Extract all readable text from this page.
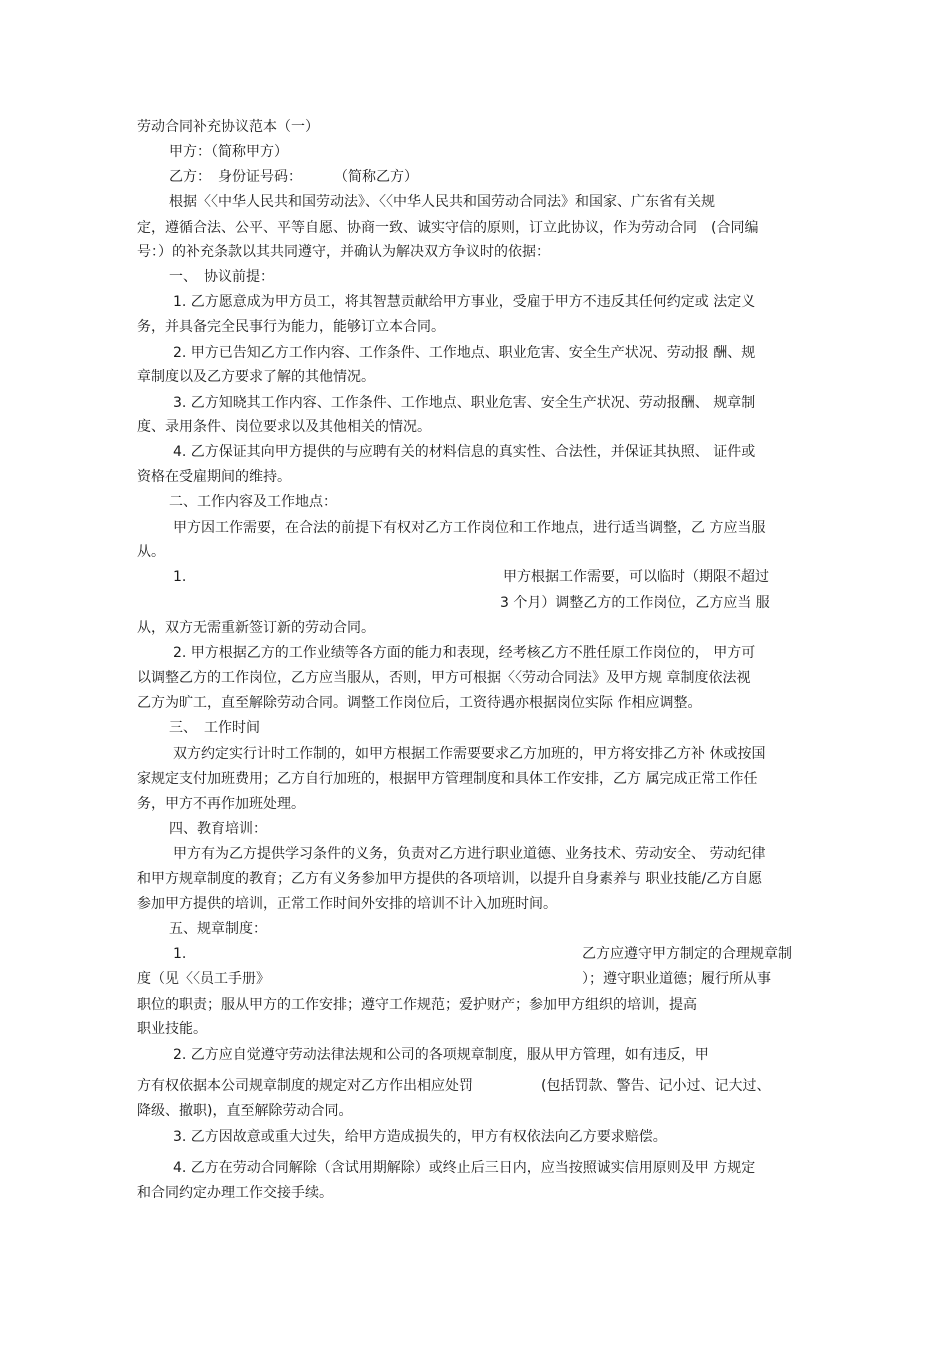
劳动合同补充协议范本（一）
甲方：（简称甲方）
乙方：　身份证号码： （简称乙方）
根据〈〈中华人民共和国劳动法》、〈〈中华人民共和国劳动合同法》和国家、广东省有关规
定，遵循合法、公平、平等自愿、协商一致、诚实守信的原则，订立此协议，作为劳动合同　(合同编
号：）的补充条款以其共同遵守，并确认为解决双方争议时的依据：
一、　协议前提：
1. 乙方愿意成为甲方员工，将其智慧贡献给甲方事业，受雇于甲方不违反其任何约定或 法定义
务，并具备完全民事行为能力，能够订立本合同。
2. 甲方已告知乙方工作内容、工作条件、工作地点、职业危害、安全生产状况、劳动报 酬、规
章制度以及乙方要求了解的其他情况。
3. 乙方知晓其工作内容、工作条件、工作地点、职业危害、安全生产状况、劳动报酬、 规章制
度、录用条件、岗位要求以及其他相关的情况。
4. 乙方保证其向甲方提供的与应聘有关的材料信息的真实性、合法性，并保证其执照、 证件或
资格在受雇期间的维持。
二、工作内容及工作地点：
甲方因工作需要，在合法的前提下有权对乙方工作岗位和工作地点，进行适当调整，乙 方应当服
从。
1.	甲方根据工作需要，可以临时（期限不超过
3 个月）调整乙方的工作岗位，乙方应当 服
从，双方无需重新签订新的劳动合同。
2. 甲方根据乙方的工作业绩等各方面的能力和表现，经考核乙方不胜任原工作岗位的， 甲方可
以调整乙方的工作岗位，乙方应当服从，否则，甲方可根据〈〈劳动合同法》及甲方规 章制度依法视
乙方为旷工，直至解除劳动合同。调整工作岗位后，工资待遇亦根据岗位实际 作相应调整。
三、　工作时间
双方约定实行计时工作制的，如甲方根据工作需要要求乙方加班的，甲方将安排乙方补 休或按国
家规定支付加班费用；乙方自行加班的，根据甲方管理制度和具体工作安排，乙方 属完成正常工作任
务，甲方不再作加班处理。
四、教育培训：
甲方有为乙方提供学习条件的义务，负责对乙方进行职业道德、业务技术、劳动安全、 劳动纪律
和甲方规章制度的教育；乙方有义务参加甲方提供的各项培训，以提升自身素养与 职业技能/乙方自愿
参加甲方提供的培训，正常工作时间外安排的培训不计入加班时间。
五、规章制度：
1.	乙方应遵守甲方制定的合理规章制
度（见〈〈员工手册》	）；遵守职业道德；履行所从事
职位的职责；服从甲方的工作安排；遵守工作规范；爱护财产；参加甲方组织的培训，提高
职业技能。
2. 乙方应自觉遵守劳动法律法规和公司的各项规章制度，服从甲方管理，如有违反，甲
方有权依据本公司规章制度的规定对乙方作出相应处罚	(包括罚款、警告、记小过、记大过、
降级、撤职)，直至解除劳动合同。
3. 乙方因故意或重大过失，给甲方造成损失的，甲方有权依法向乙方要求赔偿。
4. 乙方在劳动合同解除（含试用期解除）或终止后三日内，应当按照诚实信用原则及甲 方规定
和合同约定办理工作交接手续。
